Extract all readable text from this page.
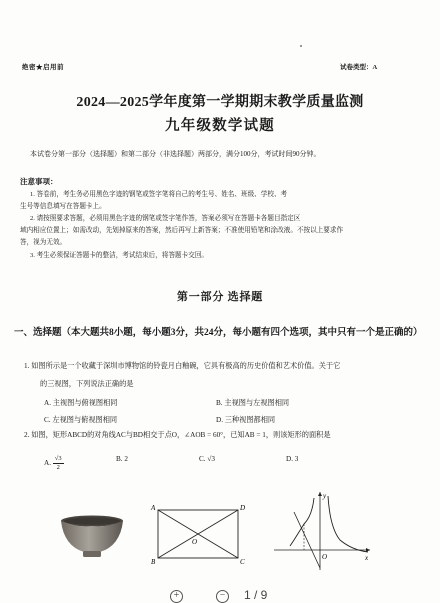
绝密★启用前	试卷类型：A
2024—2025学年度第一学期期末教学质量监测
九年级数学试题
本试卷分第一部分（选择题）和第二部分（非选择题）两部分，满分100分，考试时间90分钟。
注意事项：
1. 答卷前，考生务必用黑色字迹的钢笔或签字笔将自己的考生号、姓名、班级、学校、考
生号等信息填写在答题卡上。
2. 请按照要求答题，必须用黑色字迹的钢笔或签字笔作答，答案必须写在答题卡各题目指定区
域内相应位置上；如需改动，先划掉原来的答案，然后再写上新答案；不准使用铅笔和涂改液。不按以上要求作
答，视为无效。
3. 考生必须保证答题卡的整洁，考试结束后，将答题卡交回。
第一部分 选择题
一、选择题（本大题共8小题，每小题3分，共24分，每小题有四个选项，其中只有一个是正确的）
1. 如图所示是一个收藏于深圳市博物馆的铃瓷月白釉碗，它具有极高的历史价值和艺术价值。关于它
的三视图，下列说法正确的是
A. 主视图与俯视图相同	B. 主视图与左视图相同
C. 左视图与俯视图相同	D. 三种视图都相同
2. 如图，矩形ABCD的对角线AC与BD相交于点O，∠AOB = 60°，已知AB = 1，则该矩形的面积是
A. $\frac{√3}{2}$	B. 2	C. √3	D. 3
A	D
B	C
O
y
x
O
+	− 1 / 9
